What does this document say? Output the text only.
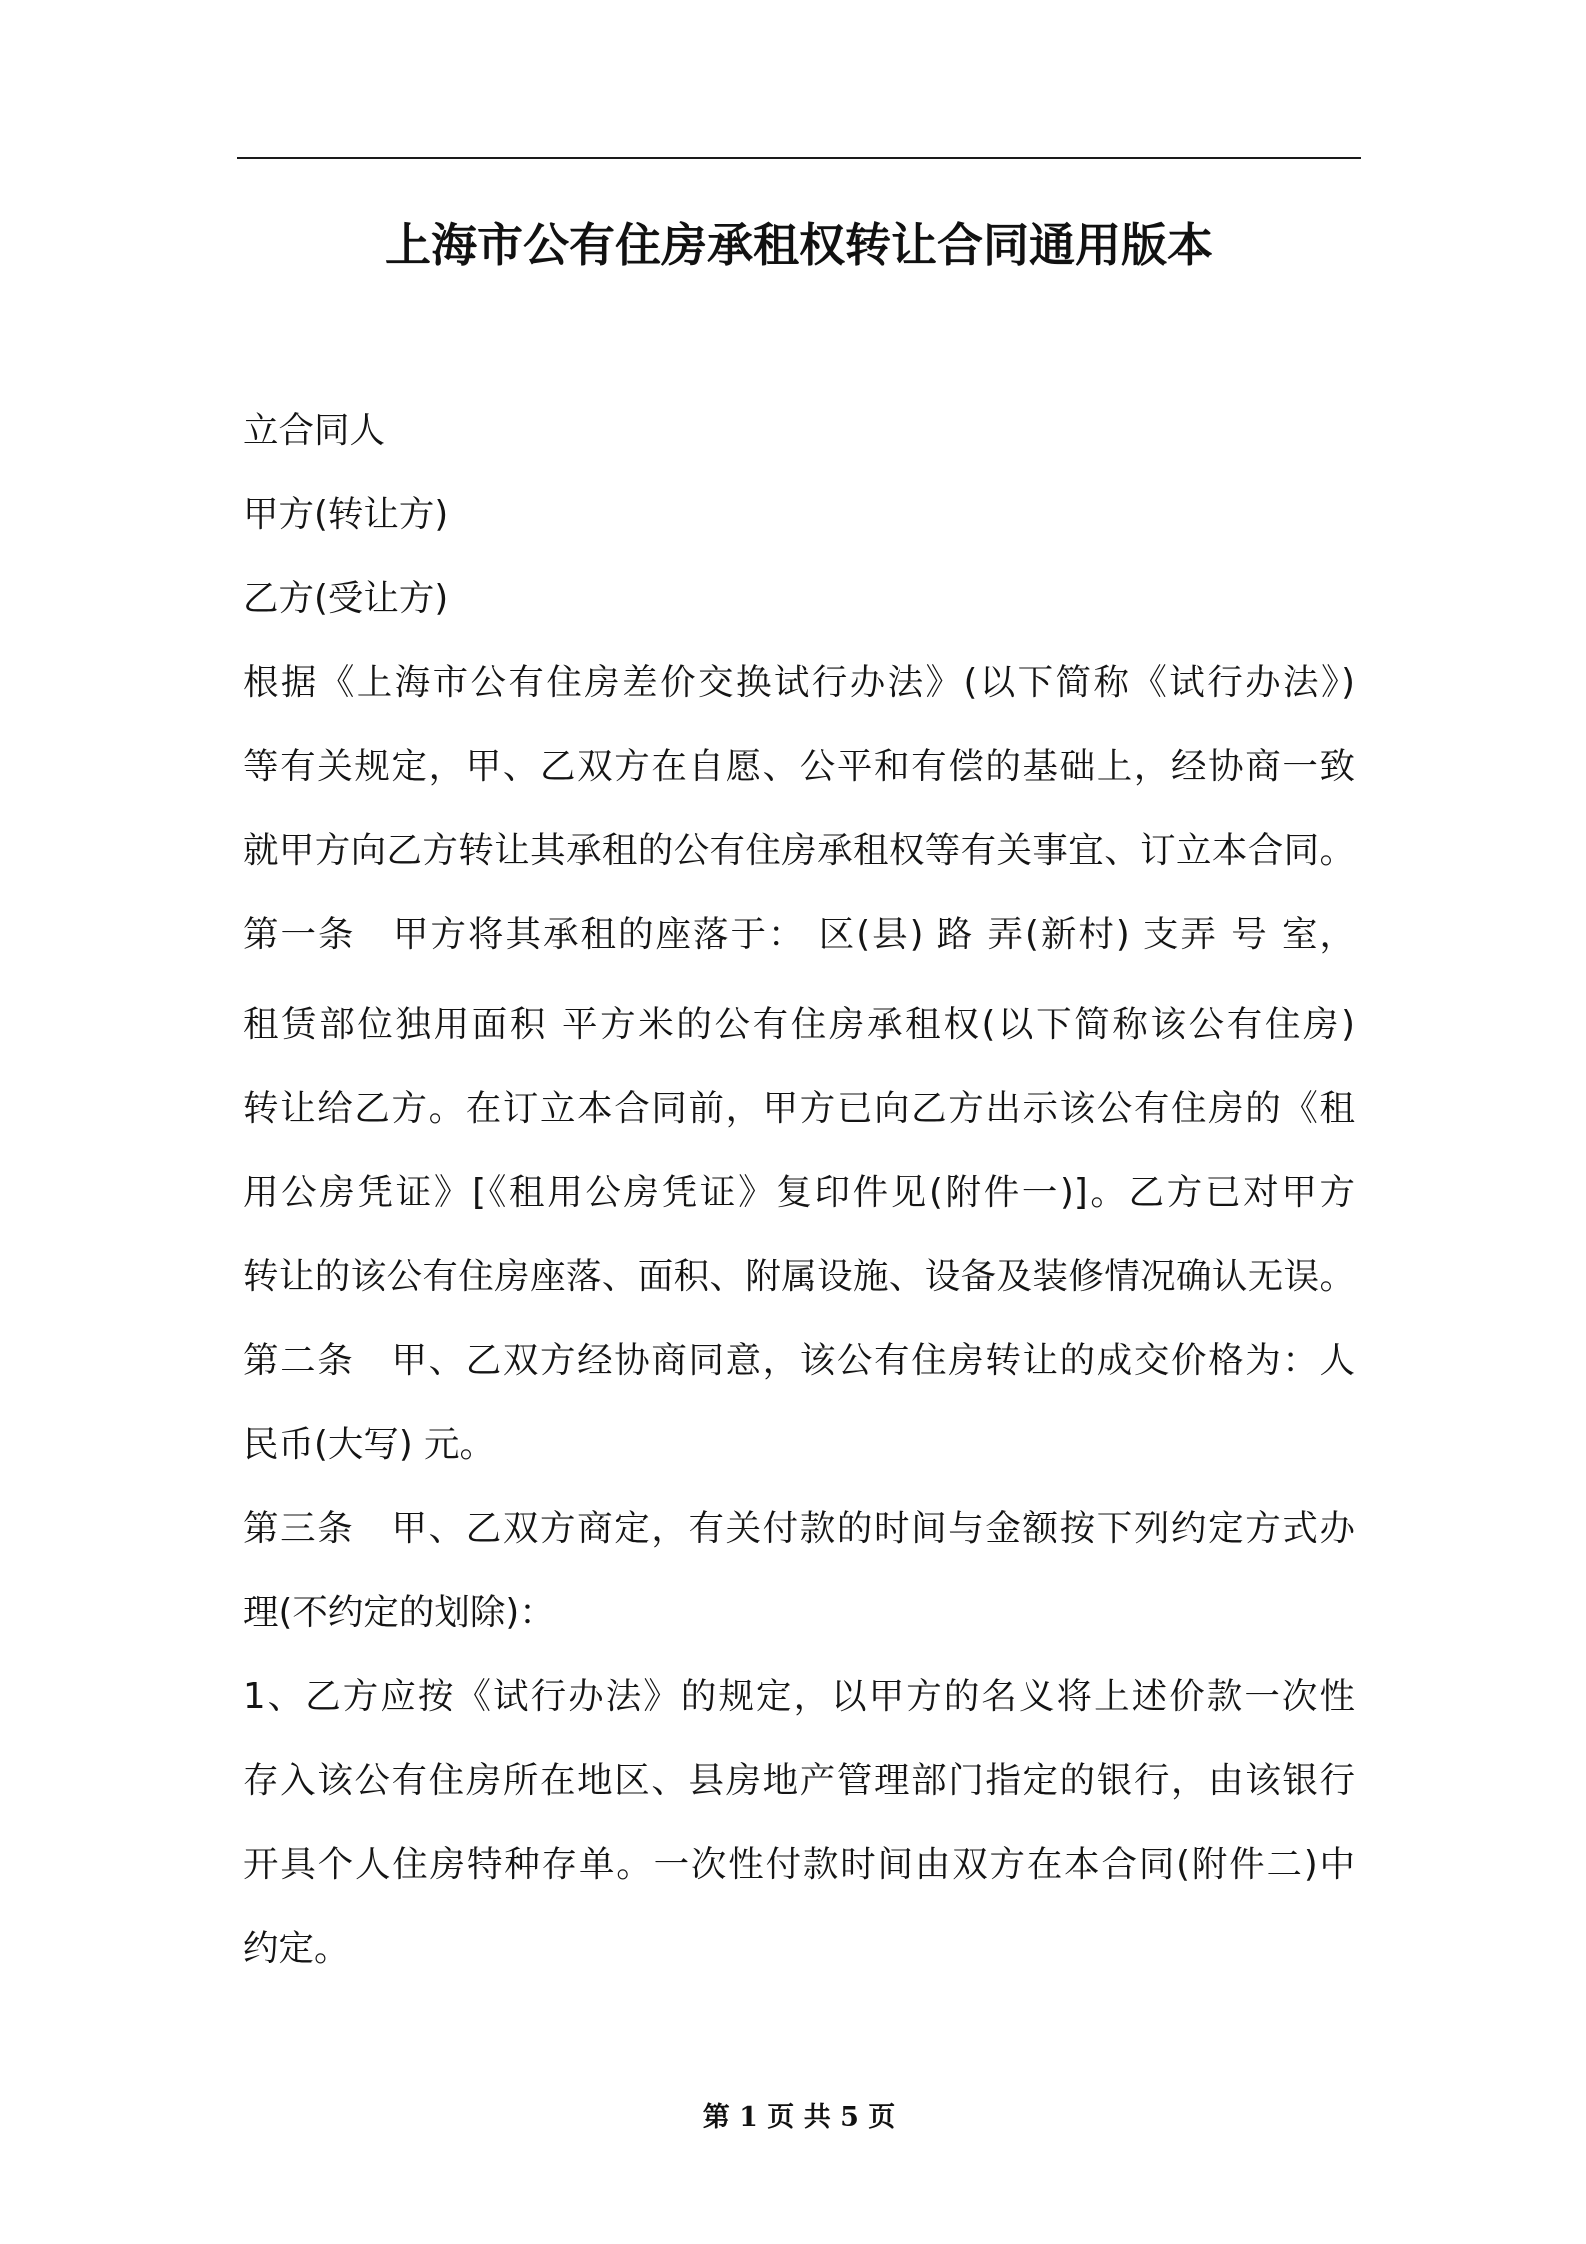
上海市公有住房承租权转让合同通用版本
立合同人
甲方(转让方)
乙方(受让方)
根据《上海市公有住房差价交换试行办法》(以下简称《试行办法》)
等有关规定，甲、乙双方在自愿、公平和有偿的基础上，经协商一致
就甲方向乙方转让其承租的公有住房承租权等有关事宜、订立本合同。
第一条　甲方将其承租的座落于： 区(县) 路 弄(新村) 支弄 号 室，
租赁部位独用面积 平方米的公有住房承租权(以下简称该公有住房)
转让给乙方。在订立本合同前，甲方已向乙方出示该公有住房的《租
用公房凭证》[《租用公房凭证》复印件见(附件一)]。乙方已对甲方
转让的该公有住房座落、面积、附属设施、设备及装修情况确认无误。
第二条　甲、乙双方经协商同意，该公有住房转让的成交价格为：人
民币(大写) 元。
第三条　甲、乙双方商定，有关付款的时间与金额按下列约定方式办
理(不约定的划除)：
1、乙方应按《试行办法》的规定，以甲方的名义将上述价款一次性
存入该公有住房所在地区、县房地产管理部门指定的银行，由该银行
开具个人住房特种存单。一次性付款时间由双方在本合同(附件二)中
约定。
第 1 页 共 5 页
